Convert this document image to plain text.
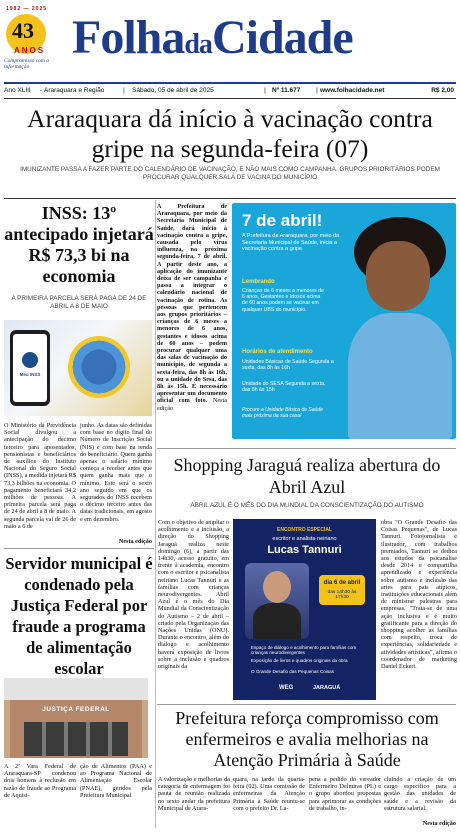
1982 — 2025
43
ANOS
Compromisso com a informação
FolhadaCidade
Ano XLIII	- Araraquara e Região	|	Sábado, 05 de abril de 2025	| Nº 11.677	| www.folhacidade.net	R$ 2,00
Araraquara dá início à vacinação contra gripe na segunda-feira (07)
IMUNIZANTE PASSA A FAZER PARTE DO CALENDÁRIO DE VACINAÇÃO, E NÃO MAIS COMO CAMPANHA. GRUPOS PRIORITÁRIOS PODEM PROCURAR QUALQUER SALA DE VACINA DO MUNICÍPIO
INSS: 13º antecipado injetará R$ 73,3 bi na economia
A PRIMEIRA PARCELA SERÁ PAGA DE 24 DE ABRIL A 8 DE MAIO
Meu INSS
O Ministério da Previdência Social divulgou a antecipação do décimo terceiro para aposentados, pensionistas e beneficiários de auxílios do Instituto Nacional do Seguro Social (INSS), a medida injetará R$ 73,3 bilhões na economia. O pagamento beneficiará 34,2 milhões de pessoas. A primeira parcela será paga de 24 de abril a 8 de maio. A segunda parcela vai de 26 de maio a 6 de
junho. As datas são definidas com base no dígito final do Número de Inscrição Social (NIS) e com base na renda do beneficiário. Quem ganha apenas o salário mínimo começa a receber antes que quem ganha mais que o mínimo. Este será o sexto ano seguido em que os segurados do INSS recebem o décimo terceiro antes das datas tradicionais, em agosto e em dezembro.
Nesta edição
A Prefeitura de Araraquara, por meio da Secretaria Municipal de Saúde, dará início à vacinação contra a gripe, causada pelo vírus influenza, na próxima segunda-feira, 7 de abril. A partir deste ano, a aplicação do imunizante deixa de ser campanha e passa a integrar o calendário nacional de vacinação de rotina. As pessoas que pertencem aos grupos prioritários – crianças de 6 meses a menores de 6 anos, gestantes e idosos acima de 60 anos – podem procurar qualquer uma das salas de vacinação do município, de segunda a sexta-feira, das 8h às 16h, ou a unidade do Sesa, das 8h às 15h. É necessário apresentar um documento oficial com foto. Nesta edição
7 de abril!
A Prefeitura de Araraquara, por meio da Secretaria Municipal de Saúde, inicia a vacinação contra a gripe.
Lembrando
Crianças de 6 meses a menores de 6 anos, Gestantes e Idosos acima de 60 anos podem se vacinar em qualquer UBS do município.
Horários de atendimento
Unidades Básicas de Saúde Segunda a sexta, das 8h às 16h
Unidade do SESA Segunda a sexta, das 8h às 15h
Procure a Unidade Básica de Saúde mais próxima da sua casa!
Servidor municipal é condenado pela Justiça Federal por fraude a programa de alimentação escolar
JUSTIÇA FEDERAL
A 2ª Vara Federal de Araraquara-SP condenou dois homens à reclusão em razão de fraude ao Programa de Aquisi-
ção de Alimentos (PAA) e ao Programa Nacional de Alimentação Escolar (PNAE), geridos pela Prefeitura Municipal
Shopping Jaraguá realiza abertura do Abril Azul
ABRIL AZUL É O MÊS DO DIA MUNDIAL DA CONSCIENTIZAÇÃO DO AUTISMO
Com o objetivo de ampliar o acolhimento e a inclusão, a direção do Shopping Jaraguá realiza neste domingo (6), a partir das 14h30, acesso gratuito, em frente à academia, encontro com o escritor e psicanalista neiriano Lucas Tannuri e as famílias com crianças neurodivergentes. Abril Azul é o mês do Dia Mundial da Conscientização do Autismo – 2 de abril – criado pela Organização das Nações Unidas (ONU). Durante o encontro, além do diálogo e acolhimento haverá exposição de livros sobre a inclusão e quadros originais da
ENCONTRO ESPECIAL
escritor e analista neiriano
Lucas Tannuri
dia 6 de abril
das 14h30 às 17h30
Espaço de diálogo e acolhimento para famílias com crianças neurodivergentes
Exposição de livros e quadros originais da obra
O Grande Desafio das Pequenas Coisas
WEG	JARAGUÁ
obra "O Grande Desafio das Coisas Pequenas", de Lucas Tannuri. Fotojornalista e ilustrador, com trabalhos premiados, Tannuri se dedica aos estudos da psicanálise desde 2014 e compartilha aprendizado e experiência sobre autismo e inclusão das artes para pais atípicos, instituições educacionais além de ministrar palestras para empresas. "Trata-se de uma ação inclusiva e é muito gratificante para a direção do shopping acolher as famílias com respeito, troca de experiências, solidariedade e atividades artísticas", afirma o coordenador de marketing Daniel Eckert.
Prefeitura reforça compromisso com enfermeiros e avalia melhorias na Atenção Primária à Saúde
A valorização e melhorias da categoria de enfermagem foi pauta de reunião realizada no sexto andar da prefeitura Municipal de Arara-
quara, na tarde da quarta-feira (02). Uma comissão de enfermeiras da Atenção Primária à Saúde reuniu-se com o prefeito Dr. La-
pena a pedido do vereador Enfermeiro Delmiras (PL) e o grupo abordou propostas para aprimorar as condições de trabalho, in-
cluindo a criação de um cargo específico para a gestão das unidades de saúde e a revisão da estrutura salarial.
Nesta edição
